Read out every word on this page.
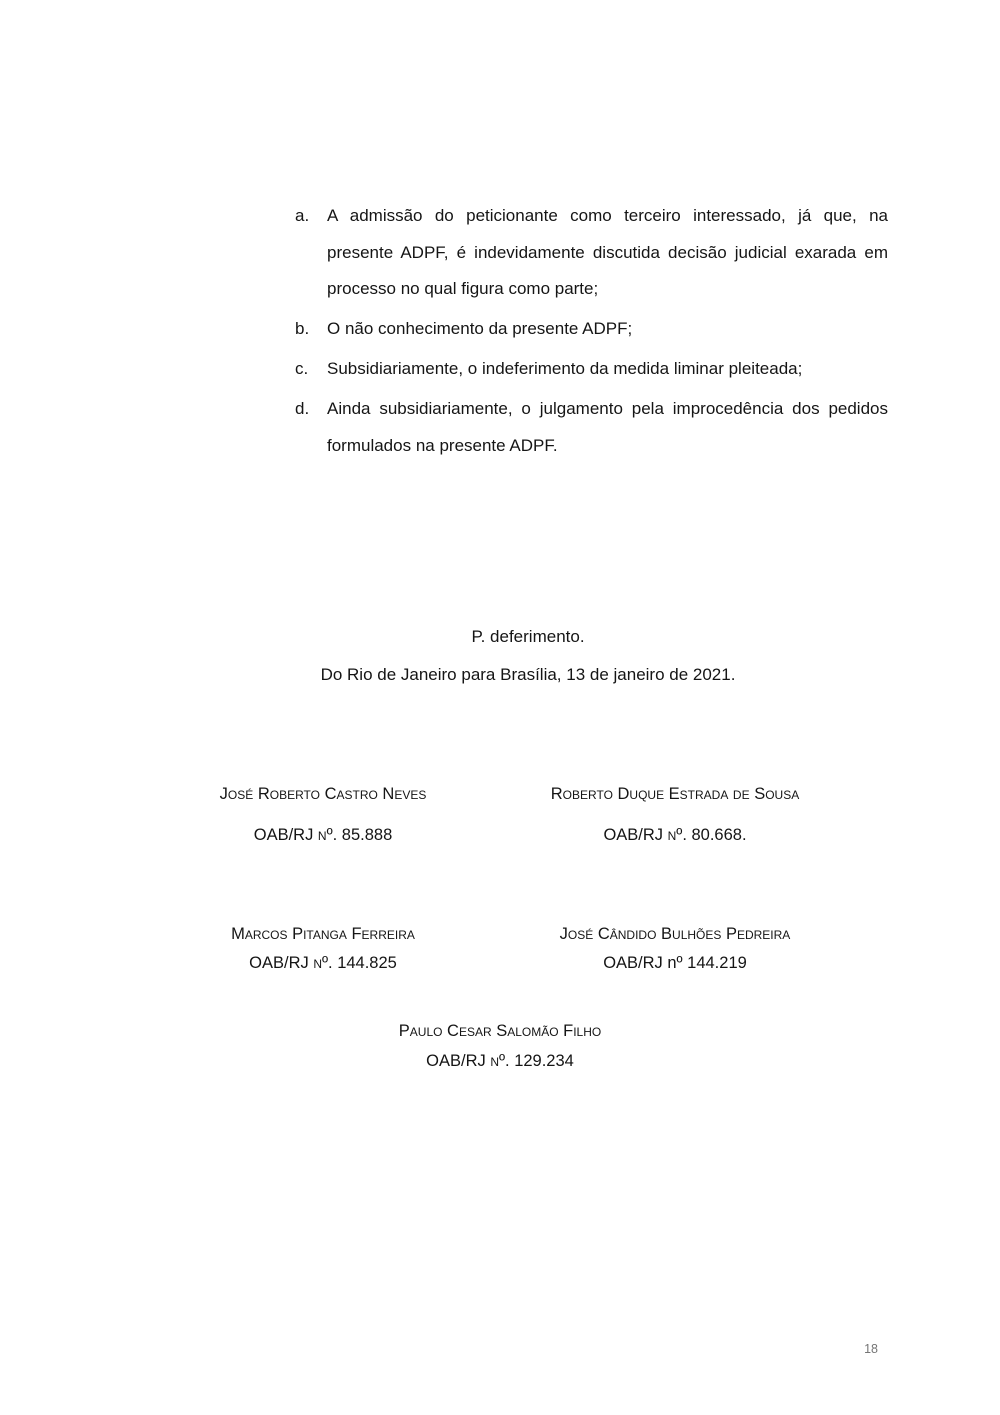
a.	A admissão do peticionante como terceiro interessado, já que, na presente ADPF, é indevidamente discutida decisão judicial exarada em processo no qual figura como parte;
b.	O não conhecimento da presente ADPF;
c.	Subsidiariamente, o indeferimento da medida liminar pleiteada;
d.	Ainda subsidiariamente, o julgamento pela improcedência dos pedidos formulados na presente ADPF.
P. deferimento.
Do Rio de Janeiro para Brasília, 13 de janeiro de 2021.
José Roberto Castro Neves
OAB/RJ nº. 85.888
Roberto Duque Estrada de Sousa
OAB/RJ nº. 80.668.
Marcos Pitanga Ferreira
OAB/RJ nº. 144.825
José Cândido Bulhões Pedreira
OAB/RJ nº 144.219
Paulo Cesar Salomão Filho
OAB/RJ nº. 129.234
18
